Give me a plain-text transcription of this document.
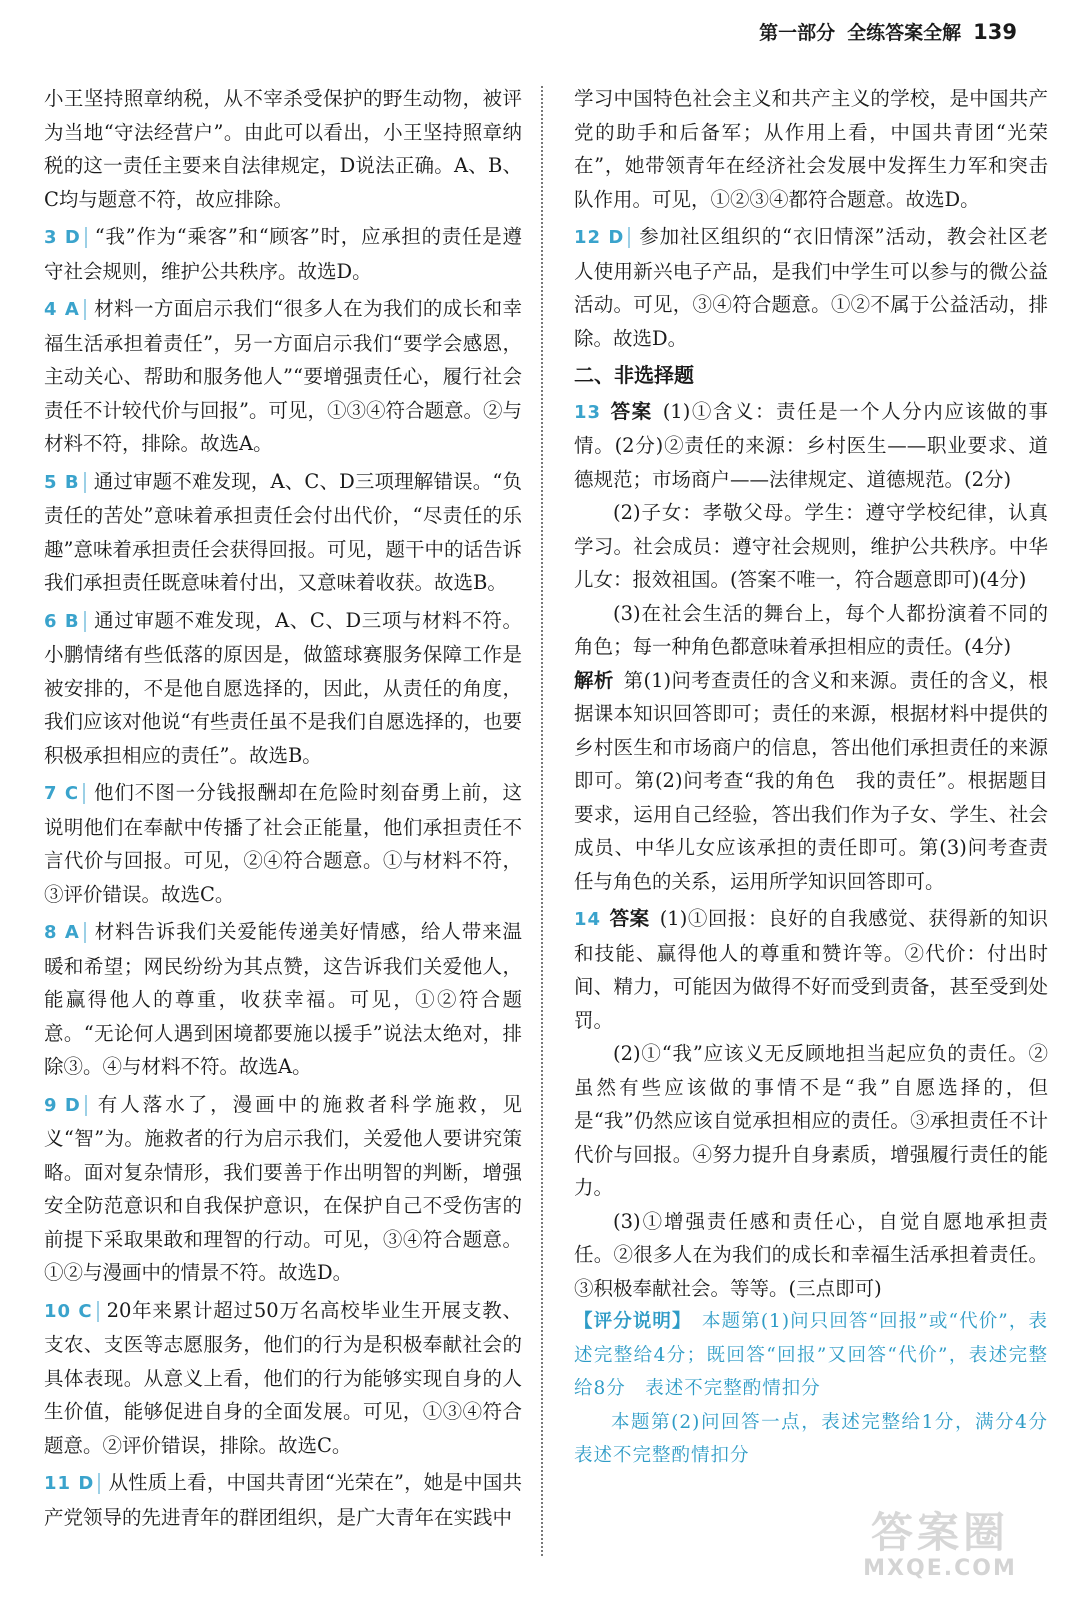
第一部分 全练答案全解 139

小王坚持照章纳税，从不宰杀受保护的野生动物，被评为当地“守法经营户”。由此可以看出，小王坚持照章纳税的这一责任主要来自法律规定，D说法正确。A、B、C均与题意不符，故应排除。

3 D “我”作为“乘客”和“顾客”时，应承担的责任是遵守社会规则，维护公共秩序。故选D。

4 A 材料一方面启示我们“很多人在为我们的成长和幸福生活承担着责任”，另一方面启示我们“要学会感恩，主动关心、帮助和服务他人”“要增强责任心，履行社会责任不计较代价与回报”。可见，①③④符合题意。②与材料不符，排除。故选A。

5 B 通过审题不难发现，A、C、D三项理解错误。“负责任的苦处”意味着承担责任会付出代价，“尽责任的乐趣”意味着承担责任会获得回报。可见，题干中的话告诉我们承担责任既意味着付出，又意味着收获。故选B。

6 B 通过审题不难发现，A、C、D三项与材料不符。小鹏情绪有些低落的原因是，做篮球赛服务保障工作是被安排的，不是他自愿选择的，因此，从责任的角度，我们应该对他说“有些责任虽不是我们自愿选择的，也要积极承担相应的责任”。故选B。

7 C 他们不图一分钱报酬却在危险时刻奋勇上前，这说明他们在奉献中传播了社会正能量，他们承担责任不言代价与回报。可见，②④符合题意。①与材料不符，③评价错误。故选C。

8 A 材料告诉我们关爱能传递美好情感，给人带来温暖和希望；网民纷纷为其点赞，这告诉我们关爱他人，能赢得他人的尊重，收获幸福。可见，①②符合题意。“无论何人遇到困境都要施以援手”说法太绝对，排除③。④与材料不符。故选A。

9 D 有人落水了，漫画中的施救者科学施救，见义“智”为。施救者的行为启示我们，关爱他人要讲究策略。面对复杂情形，我们要善于作出明智的判断，增强安全防范意识和自我保护意识，在保护自己不受伤害的前提下采取果敢和理智的行动。可见，③④符合题意。①②与漫画中的情景不符。故选D。

10 C 20年来累计超过50万名高校毕业生开展支教、支农、支医等志愿服务，他们的行为是积极奉献社会的具体表现。从意义上看，他们的行为能够实现自身的人生价值，能够促进自身的全面发展。可见，①③④符合题意。②评价错误，排除。故选C。

11 D 从性质上看，中国共青团“光荣在”，她是中国共产党领导的先进青年的群团组织，是广大青年在实践中

学习中国特色社会主义和共产主义的学校，是中国共产党的助手和后备军；从作用上看，中国共青团“光荣在”，她带领青年在经济社会发展中发挥生力军和突击队作用。可见，①②③④都符合题意。故选D。

12 D 参加社区组织的“衣旧情深”活动，教会社区老人使用新兴电子产品，是我们中学生可以参与的微公益活动。可见，③④符合题意。①②不属于公益活动，排除。故选D。

二、非选择题

13 答案 (1)①含义：责任是一个人分内应该做的事情。(2分)②责任的来源：乡村医生——职业要求、道德规范；市场商户——法律规定、道德规范。(2分)

(2)子女：孝敬父母。学生：遵守学校纪律，认真学习。社会成员：遵守社会规则，维护公共秩序。中华儿女：报效祖国。(答案不唯一，符合题意即可)(4分)

(3)在社会生活的舞台上，每个人都扮演着不同的角色；每一种角色都意味着承担相应的责任。(4分)

解析 第(1)问考查责任的含义和来源。责任的含义，根据课本知识回答即可；责任的来源，根据材料中提供的乡村医生和市场商户的信息，答出他们承担责任的来源即可。第(2)问考查“我的角色　我的责任”。根据题目要求，运用自己经验，答出我们作为子女、学生、社会成员、中华儿女应该承担的责任即可。第(3)问考查责任与角色的关系，运用所学知识回答即可。

14 答案 (1)①回报：良好的自我感觉、获得新的知识和技能、赢得他人的尊重和赞许等。②代价：付出时间、精力，可能因为做得不好而受到责备，甚至受到处罚。

(2)①“我”应该义无反顾地担当起应负的责任。②虽然有些应该做的事情不是“我”自愿选择的，但是“我”仍然应该自觉承担相应的责任。③承担责任不计代价与回报。④努力提升自身素质，增强履行责任的能力。

(3)①增强责任感和责任心，自觉自愿地承担责任。②很多人在为我们的成长和幸福生活承担着责任。③积极奉献社会。等等。(三点即可)

【评分说明】　 本题第(1)问只回答“回报”或“代价”，表述完整给4分；既回答“回报”又回答“代价”，表述完整给8分　表述不完整酌情扣分

本题第(2)问回答一点，表述完整给1分，满分4分　表述不完整酌情扣分

答案圈
MXQE.COM
